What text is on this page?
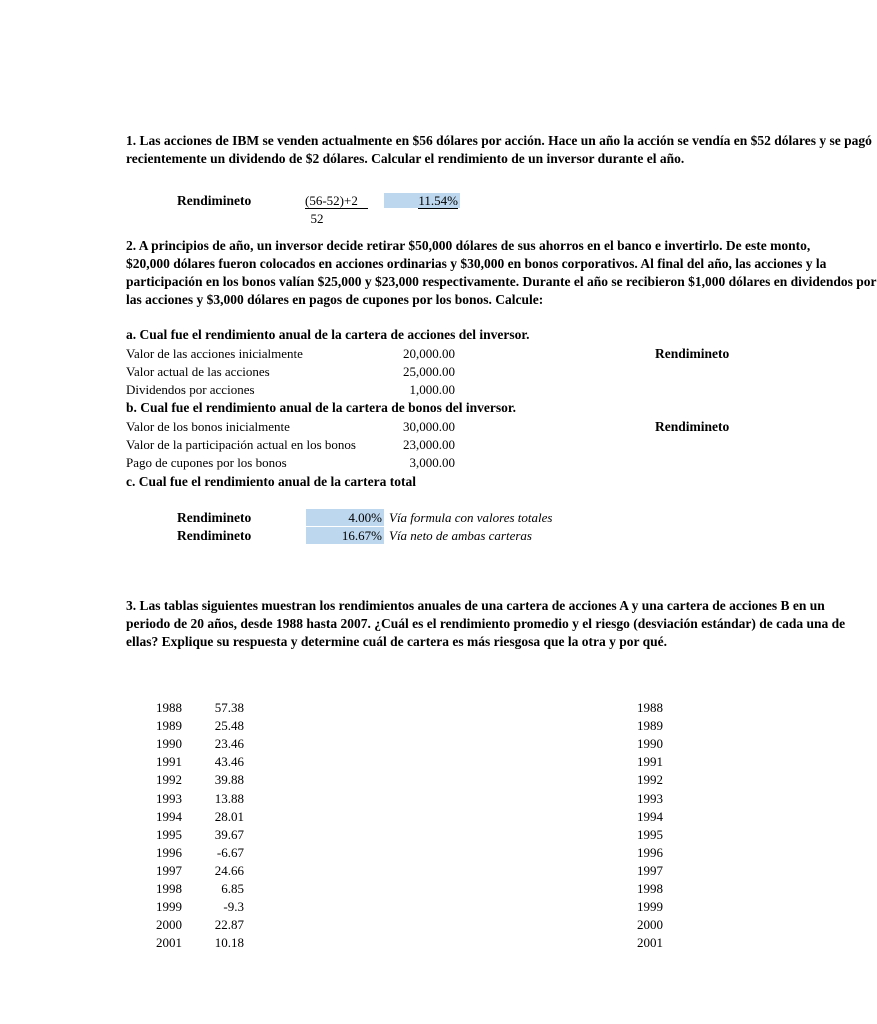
1. Las acciones de IBM se venden actualmente en $56 dólares por acción. Hace un año la acción se vendía en $52 dólares y se pagó
recientemente un dividendo de $2 dólares. Calcular el rendimiento de un inversor durante el año.
Rendimineto	(56-52)+2
52
11.54%
2. A principios de año, un inversor decide retirar $50,000 dólares de sus ahorros en el banco e invertirlo. De este monto,
$20,000 dólares fueron colocados en acciones ordinarias y $30,000 en bonos corporativos. Al final del año, las acciones y la
participación en los bonos valían $25,000 y $23,000 respectivamente. Durante el año se recibieron $1,000 dólares en dividendos por
las acciones y $3,000 dólares en pagos de cupones por los bonos. Calcule:
a. Cual fue el rendimiento anual de la cartera de acciones del inversor.
Valor de las acciones inicialmente	20,000.00
Valor actual de las acciones	25,000.00
Dividendos por acciones	1,000.00
Rendimineto
b. Cual fue el rendimiento anual de la cartera de bonos del inversor.
Valor de los bonos inicialmente	30,000.00
Valor de la participación actual en los bonos	23,000.00
Pago de cupones por los bonos	3,000.00
Rendimineto
c. Cual fue el rendimiento anual de la cartera total
Rendimineto	4.00% Vía formula con valores totales
Rendimineto	16.67% Vía neto de ambas carteras
3. Las tablas siguientes muestran los rendimientos anuales de una cartera de acciones A y una cartera de acciones B en un
periodo de 20 años, desde 1988 hasta 2007. ¿Cuál es el rendimiento promedio y el riesgo (desviación estándar) de cada una de
ellas? Explique su respuesta y determine cuál de cartera es más riesgosa que la otra y por qué.
1988	57.38
1989	25.48
1990	23.46
1991	43.46
1992	39.88
1993	13.88
1994	28.01
1995	39.67
1996	-6.67
1997	24.66
1998	6.85
1999	-9.3
2000	22.87
2001	10.18
1988
1989
1990
1991
1992
1993
1994
1995
1996
1997
1998
1999
2000
2001
